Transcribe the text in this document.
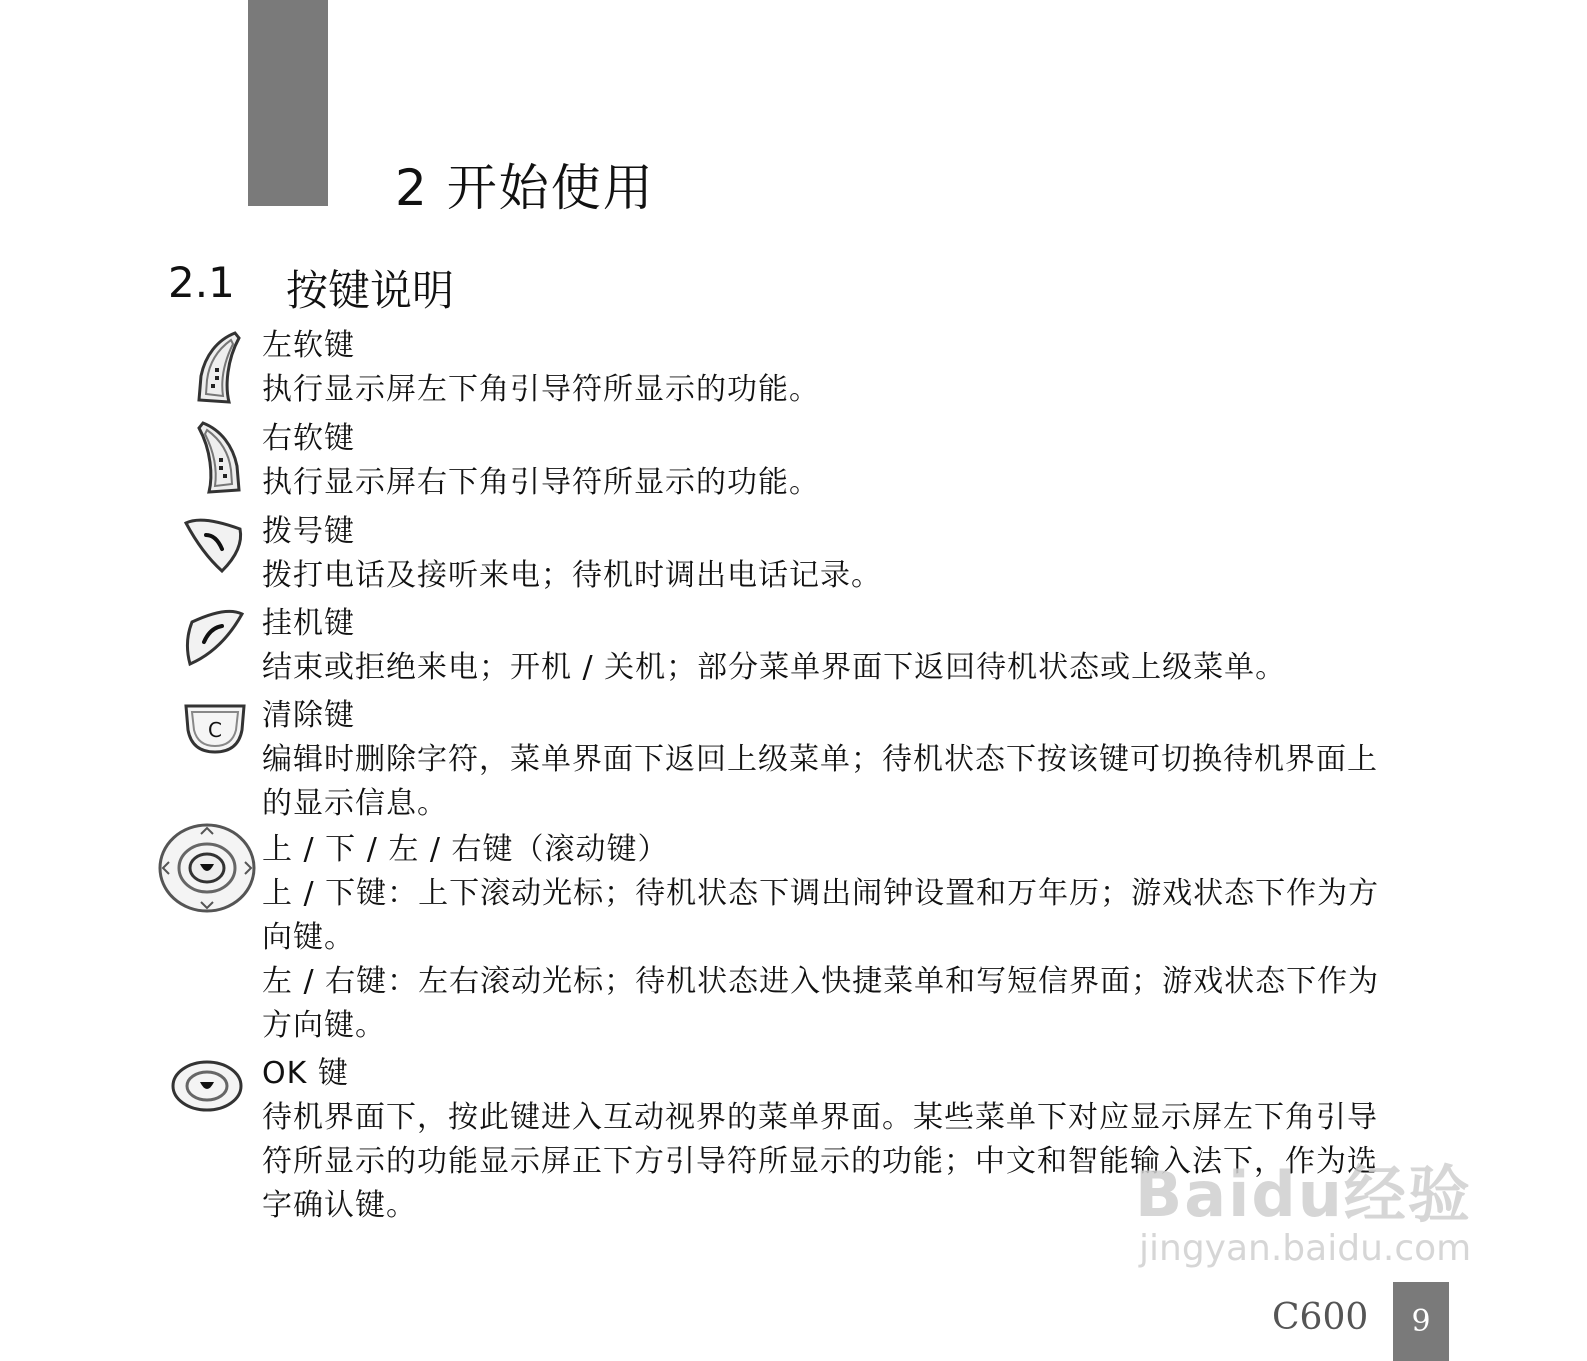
2 开始使用
2.1	按键说明
左软键
执行显示屏左下角引导符所显示的功能。
右软键
执行显示屏右下角引导符所显示的功能。
拨号键
拨打电话及接听来电；待机时调出电话记录。
挂机键
结束或拒绝来电；开机 / 关机；部分菜单界面下返回待机状态或上级菜单。
C 清除键
编辑时删除字符，菜单界面下返回上级菜单；待机状态下按该键可切换待机界面上
的显示信息。
上 / 下 / 左 / 右键（滚动键）
上 / 下键：上下滚动光标；待机状态下调出闹钟设置和万年历；游戏状态下作为方
向键。
左 / 右键：左右滚动光标；待机状态进入快捷菜单和写短信界面；游戏状态下作为
方向键。
OK 键
待机界面下，按此键进入互动视界的菜单界面。某些菜单下对应显示屏左下角引导
符所显示的功能显示屏正下方引导符所显示的功能；中文和智能输入法下，作为选
字确认键。	Baidu经验
jingyan.baidu.com
C600	9
